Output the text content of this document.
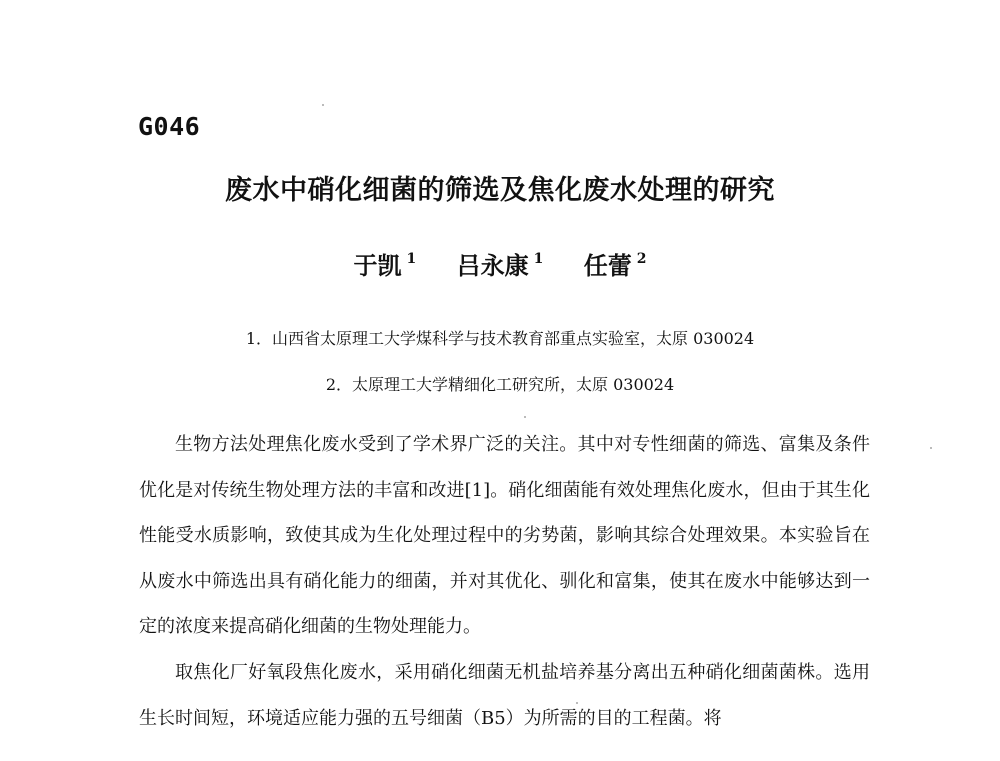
G046
废水中硝化细菌的筛选及焦化废水处理的研究
于凯 $^1$ 吕永康 $^1$ 任蕾 $^2$
1．山西省太原理工大学煤科学与技术教育部重点实验室，太原 030024
2．太原理工大学精细化工研究所，太原 030024

生物方法处理焦化废水受到了学术界广泛的关注。其中对专性细菌的筛选、富集及条件优化是对传统生物处理方法的丰富和改进[1]。硝化细菌能有效处理焦化废水，但由于其生化性能受水质影响，致使其成为生化处理过程中的劣势菌，影响其综合处理效果。本实验旨在从废水中筛选出具有硝化能力的细菌，并对其优化、驯化和富集，使其在废水中能够达到一定的浓度来提高硝化细菌的生物处理能力。

取焦化厂好氧段焦化废水，采用硝化细菌无机盐培养基分离出五种硝化细菌菌株。选用生长时间短，环境适应能力强的五号细菌（B5）为所需的目的工程菌。将
